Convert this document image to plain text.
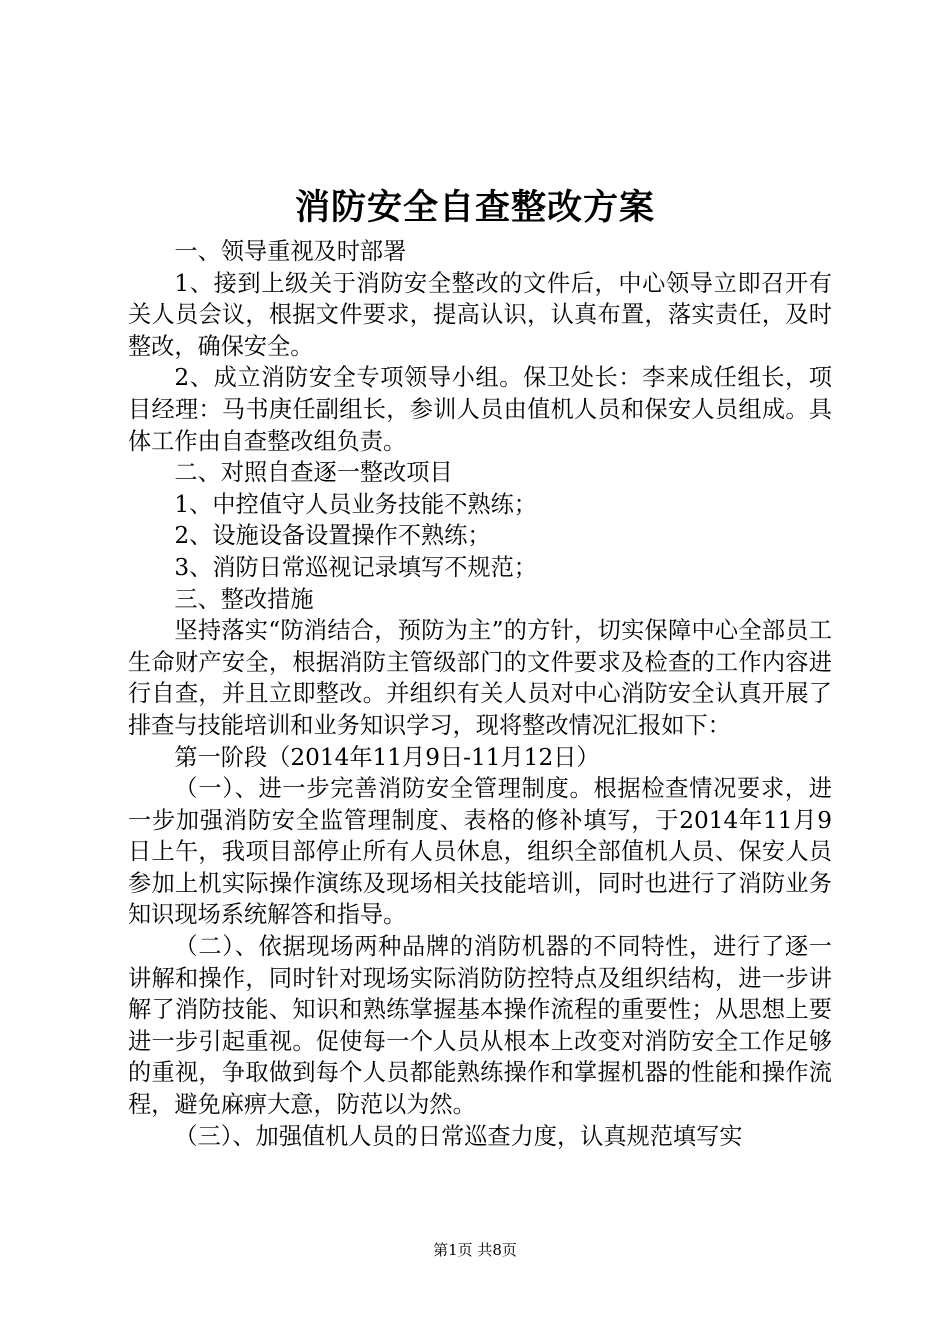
消防安全自查整改方案

一、领导重视及时部署

1、接到上级关于消防安全整改的文件后，中心领导立即召开有关人员会议，根据文件要求，提高认识，认真布置，落实责任，及时整改，确保安全。

2、成立消防安全专项领导小组。保卫处长：李来成任组长，项目经理：马书庚任副组长，参训人员由值机人员和保安人员组成。具体工作由自查整改组负责。

二、对照自查逐一整改项目

1、中控值守人员业务技能不熟练；

2、设施设备设置操作不熟练；

3、消防日常巡视记录填写不规范；

三、整改措施

坚持落实“防消结合，预防为主”的方针，切实保障中心全部员工生命财产安全，根据消防主管级部门的文件要求及检查的工作内容进行自查，并且立即整改。并组织有关人员对中心消防安全认真开展了排查与技能培训和业务知识学习，现将整改情况汇报如下：

第一阶段（2014年11月9日-11月12日）

（一）、进一步完善消防安全管理制度。根据检查情况要求，进一步加强消防安全监管理制度、表格的修补填写，于2014年11月9日上午，我项目部停止所有人员休息，组织全部值机人员、保安人员参加上机实际操作演练及现场相关技能培训，同时也进行了消防业务知识现场系统解答和指导。

（二）、依据现场两种品牌的消防机器的不同特性，进行了逐一讲解和操作，同时针对现场实际消防防控特点及组织结构，进一步讲解了消防技能、知识和熟练掌握基本操作流程的重要性；从思想上要进一步引起重视。促使每一个人员从根本上改变对消防安全工作足够的重视，争取做到每个人员都能熟练操作和掌握机器的性能和操作流程，避免麻痹大意，防范以为然。

（三）、加强值机人员的日常巡查力度，认真规范填写实

第1页 共8页
